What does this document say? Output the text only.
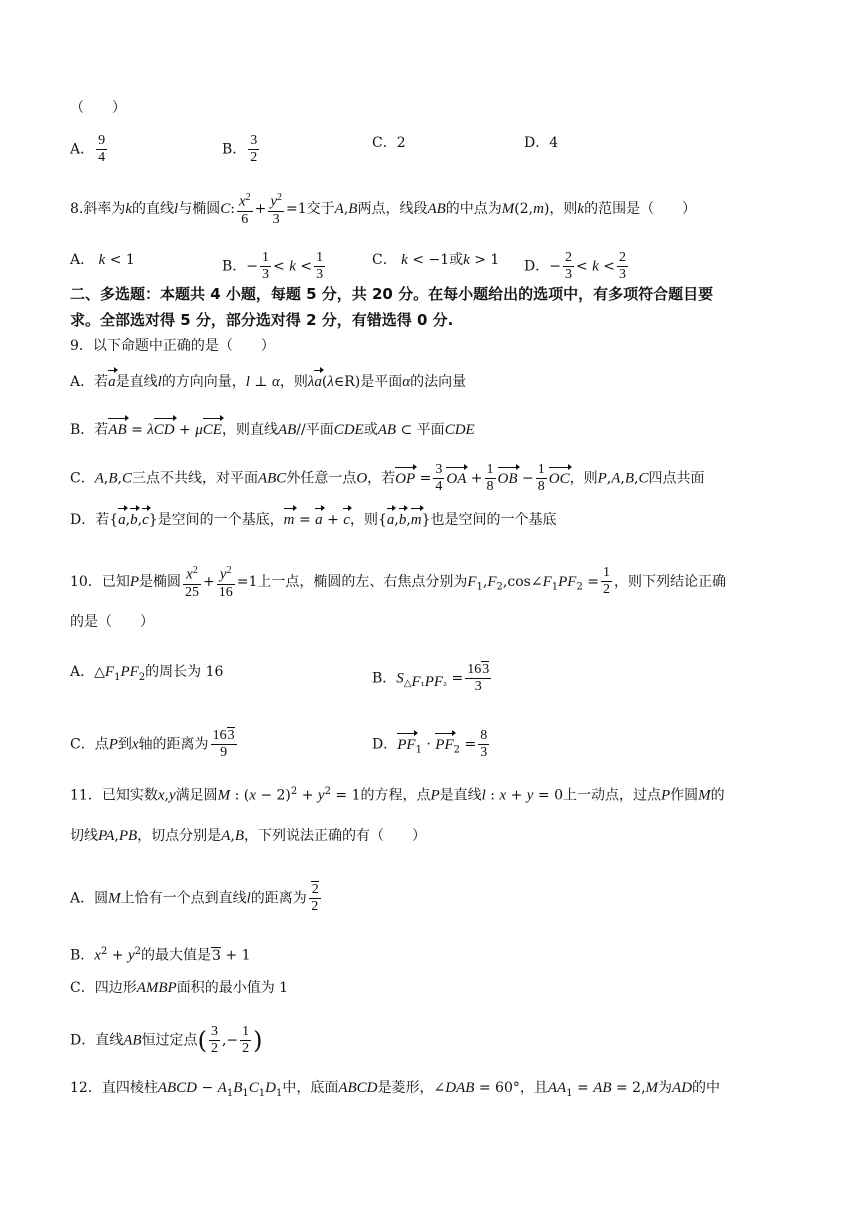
（　　）
A． $\frac{9}{4}$	B． $\frac{3}{2}$	C．2	D．4
8.斜率为k的直线l与椭圆C: $\frac{x^2}{6} + \frac{y^2}{3} =1$交于A,B两点，线段AB的中点为M(2,m)，则k的范围是（　　）
A． k < 1	B．− $\frac{1}{3} < k < \frac{1}{3}$	C． k < −1或k > 1 D．− $\frac{2}{3} < k < \frac{2}{3}$
二、多选题：本题共 4 小题，每题 5 分，共 20 分。在每小题给出的选项中，有多项符合题目要
求。全部选对得 5 分，部分选对得 2 分，有错选得 0 分.
9．以下命题中正确的是（　　）
A．若a是直线l的方向向量，l ⊥ α，则λa(λ∈R)是平面α的法向量
B．若AB = λCD + μCE，则直线AB//平面CDE或AB ⊂ 平面CDE
C．A,B,C三点不共线，对平面ABC外任意一点O，若OP = $\frac{3}{4}$ OA + $\frac{1}{8}$ OB − $\frac{1}{8}$ OC，则P,A,B,C四点共面
D．若{a,b,c}是空间的一个基底，m = a + c，则{a,b,m}也是空间的一个基底
10．已知P是椭圆 $\frac{x^2}{25} + \frac{y^2}{16} =1$上一点，椭圆的左、右焦点分别为$F_1,F_2,\cos\angle F_1PF_2 = \frac{1}{2}$ ，则下列结论正确
的是（　　）
A．$\triangle F_1PF_2$的周长为 16	B．$S_{\triangle F_1PF_2} = \frac{163}{3}$
C．点P到x轴的距离为 $\frac{163}{9}$	D．$PF_1 \cdot PF_2 = \frac{8}{3}$
11．已知实数x,y满足圆M : $(x - 2)^2 + y^2 = 1$的方程，点P是直线l : x + y = 0上一动点，过点P作圆M的
切线PA,PB，切点分别是A,B，下列说法正确的有（　　）
A．圆M上恰有一个点到直线l的距离为 $\frac{2}{2}$
B．$x^2 + y^2$的最大值是3 + 1
C．四边形AMBP面积的最小值为 1
D．直线AB恒过定点( $\frac{3}{2}$ ,− $\frac{1}{2}$ )
12．直四棱柱ABCD − $A_1B_1C_1D_1$中，底面ABCD是菱形，∠DAB = 60°，且$AA_1$ = AB = 2,M为AD的中
